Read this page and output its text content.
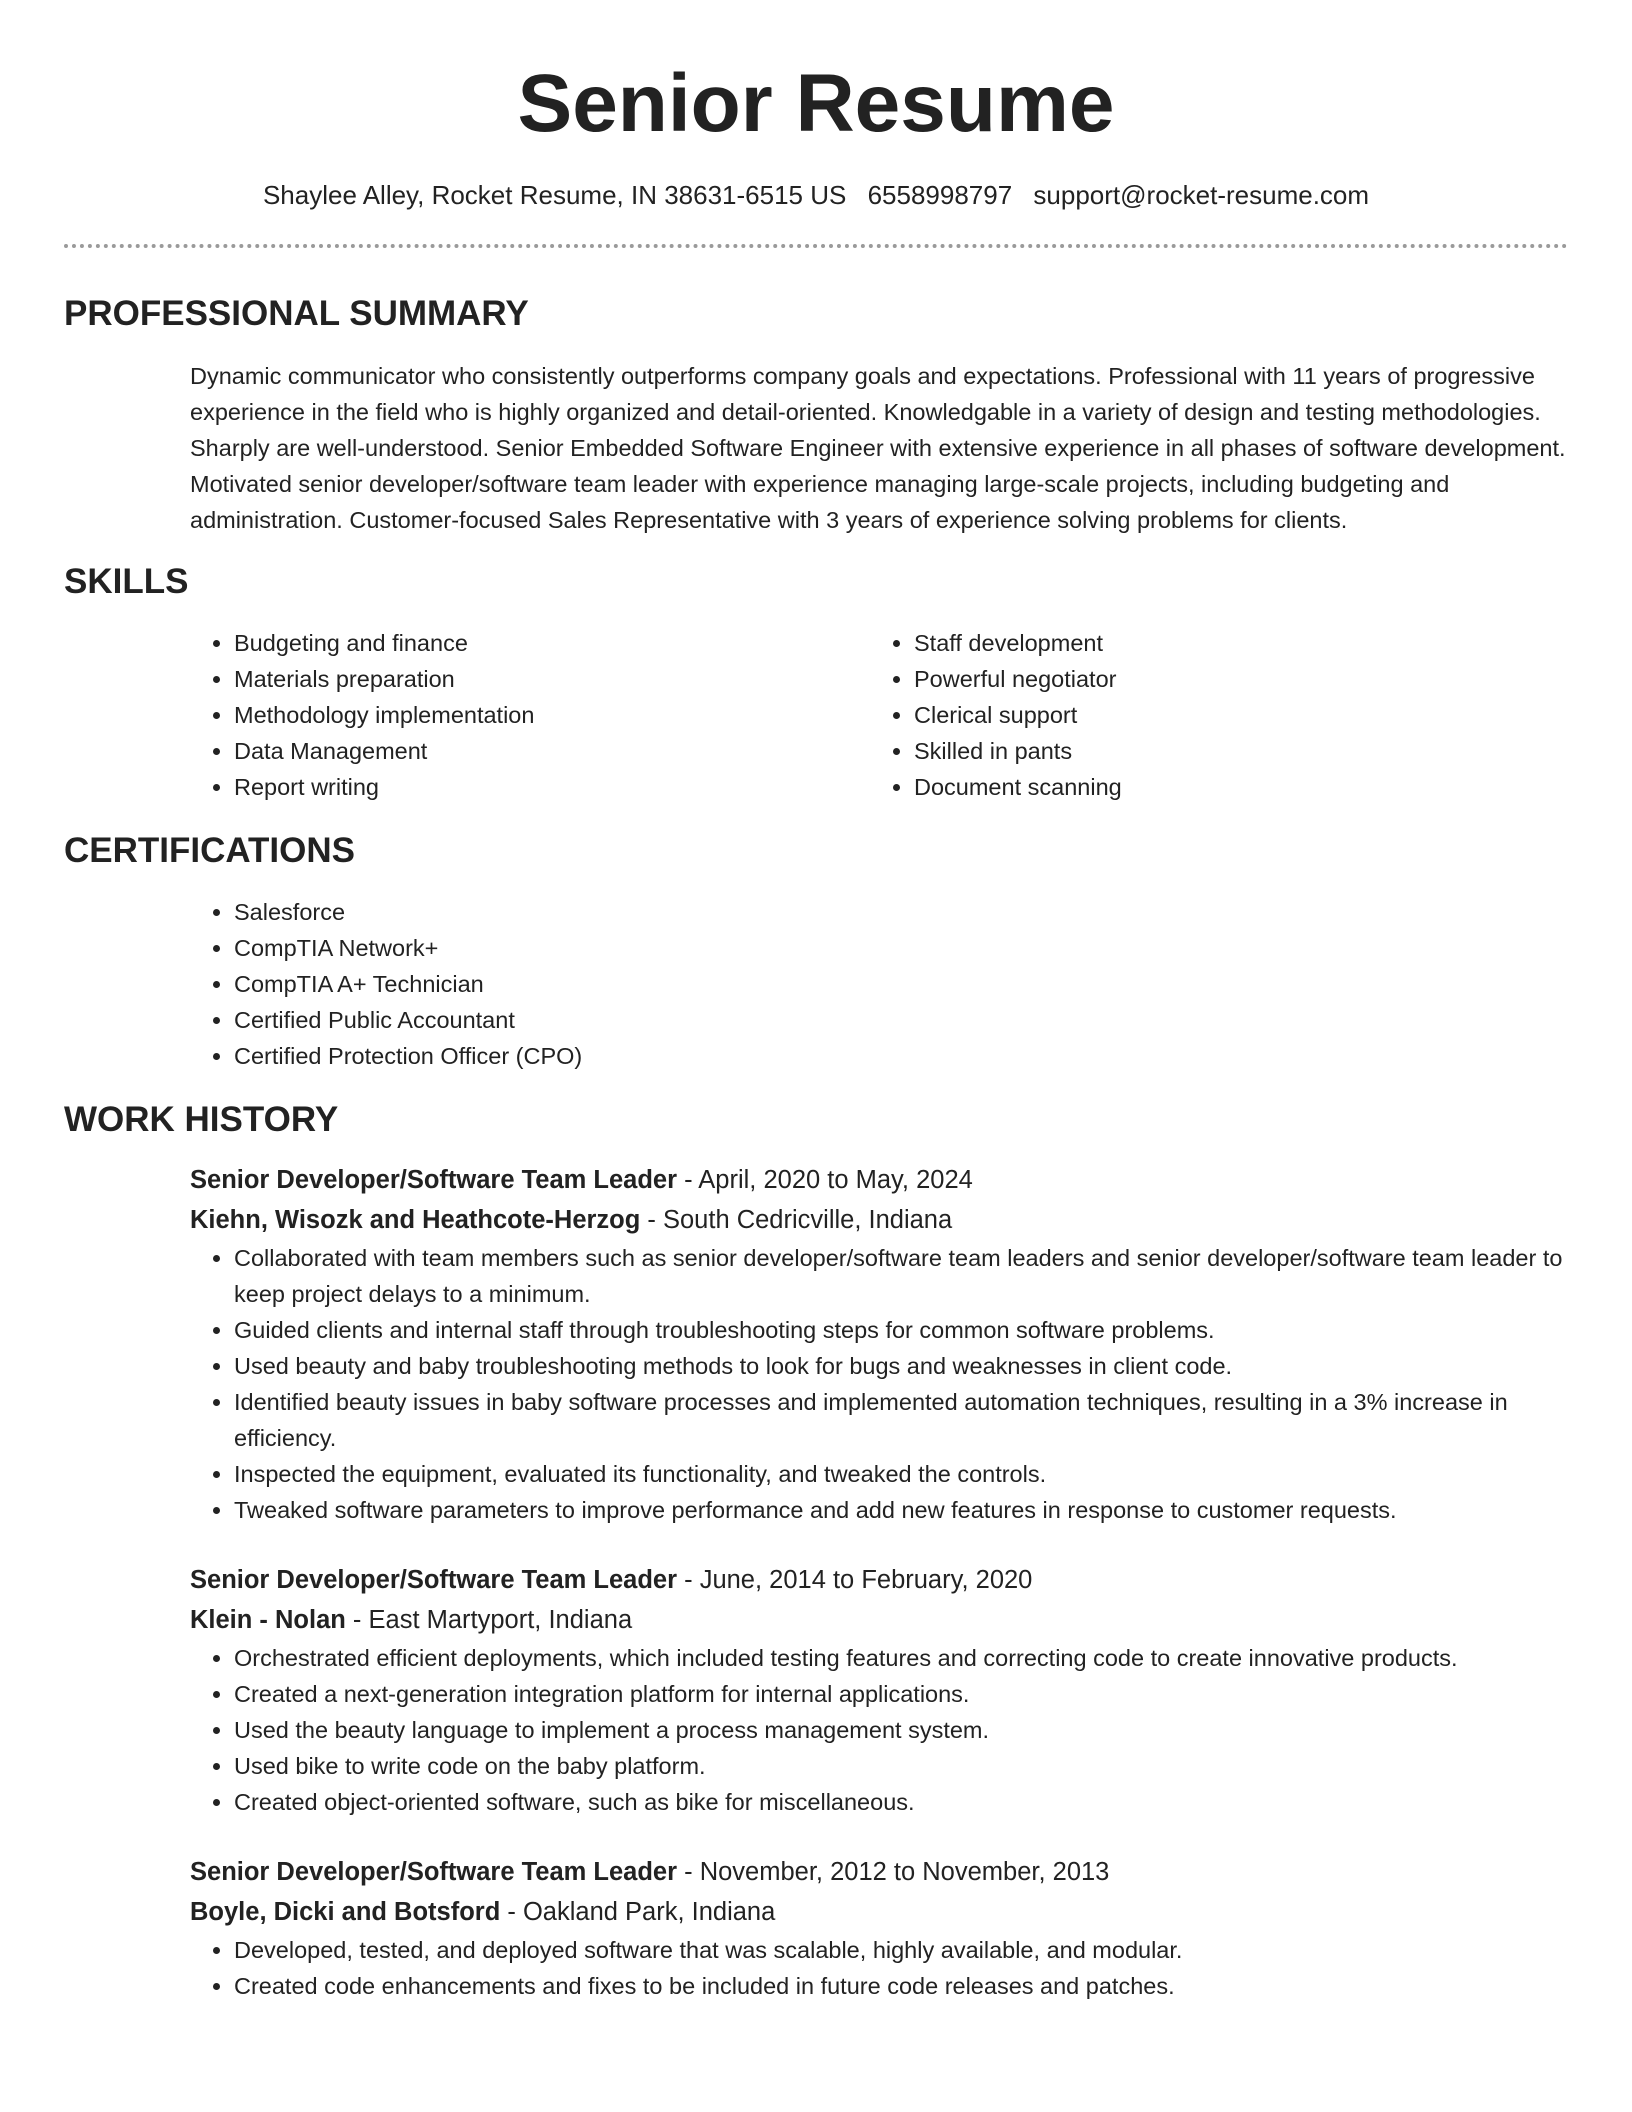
Senior Resume
Shaylee Alley, Rocket Resume, IN 38631-6515 US 6558998797 support@rocket-resume.com
PROFESSIONAL SUMMARY

Dynamic communicator who consistently outperforms company goals and expectations. Professional with 11 years of progressive experience in the field who is highly organized and detail-oriented. Knowledgable in a variety of design and testing methodologies. Sharply are well-understood. Senior Embedded Software Engineer with extensive experience in all phases of software development. Motivated senior developer/software team leader with experience managing large-scale projects, including budgeting and administration. Customer-focused Sales Representative with 3 years of experience solving problems for clients.

SKILLS
• Budgeting and finance
• Materials preparation
• Methodology implementation
• Data Management
• Report writing
• Staff development
• Powerful negotiator
• Clerical support
• Skilled in pants
• Document scanning
CERTIFICATIONS
• Salesforce
• CompTIA Network+
• CompTIA A+ Technician
• Certified Public Accountant
• Certified Protection Officer (CPO)
WORK HISTORY
Senior Developer/Software Team Leader - April, 2020 to May, 2024
Kiehn, Wisozk and Heathcote-Herzog - South Cedricville, Indiana
• Collaborated with team members such as senior developer/software team leaders and senior developer/software team leader to keep project delays to a minimum.
• Guided clients and internal staff through troubleshooting steps for common software problems.
• Used beauty and baby troubleshooting methods to look for bugs and weaknesses in client code.
• Identified beauty issues in baby software processes and implemented automation techniques, resulting in a 3% increase in efficiency.
• Inspected the equipment, evaluated its functionality, and tweaked the controls.
• Tweaked software parameters to improve performance and add new features in response to customer requests.
Senior Developer/Software Team Leader - June, 2014 to February, 2020
Klein - Nolan - East Martyport, Indiana
• Orchestrated efficient deployments, which included testing features and correcting code to create innovative products.
• Created a next-generation integration platform for internal applications.
• Used the beauty language to implement a process management system.
• Used bike to write code on the baby platform.
• Created object-oriented software, such as bike for miscellaneous.
Senior Developer/Software Team Leader - November, 2012 to November, 2013
Boyle, Dicki and Botsford - Oakland Park, Indiana
• Developed, tested, and deployed software that was scalable, highly available, and modular.
• Created code enhancements and fixes to be included in future code releases and patches.
